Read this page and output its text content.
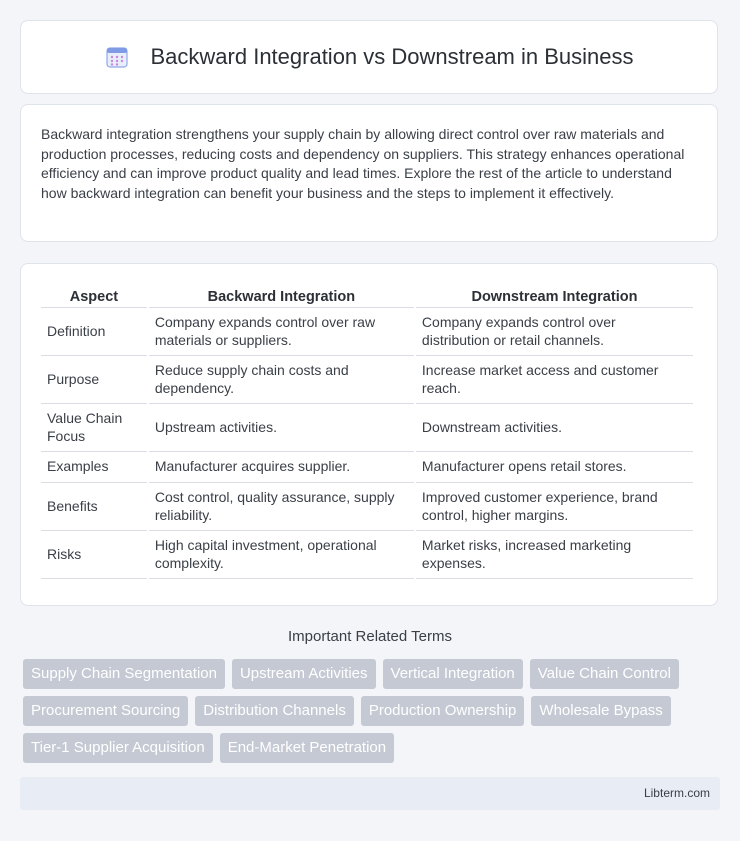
Backward Integration vs Downstream in Business

Backward integration strengthens your supply chain by allowing direct control over raw materials and production processes, reducing costs and dependency on suppliers. This strategy enhances operational efficiency and can improve product quality and lead times. Explore the rest of the article to understand how backward integration can benefit your business and the steps to implement it effectively.

Aspect	Backward Integration	Downstream Integration
Definition	Company expands control over raw materials or suppliers.	Company expands control over distribution or retail channels.
Purpose	Reduce supply chain costs and dependency.	Increase market access and customer reach.
Value Chain Focus	Upstream activities.	Downstream activities.
Examples	Manufacturer acquires supplier.	Manufacturer opens retail stores.
Benefits	Cost control, quality assurance, supply reliability.	Improved customer experience, brand control, higher margins.
Risks	High capital investment, operational complexity.	Market risks, increased marketing expenses.
Important Related Terms
Supply Chain Segmentation	Upstream Activities	Vertical Integration	Value Chain Control
Procurement Sourcing	Distribution Channels	Production Ownership	Wholesale Bypass
Tier-1 Supplier Acquisition	End-Market Penetration
Libterm.com
